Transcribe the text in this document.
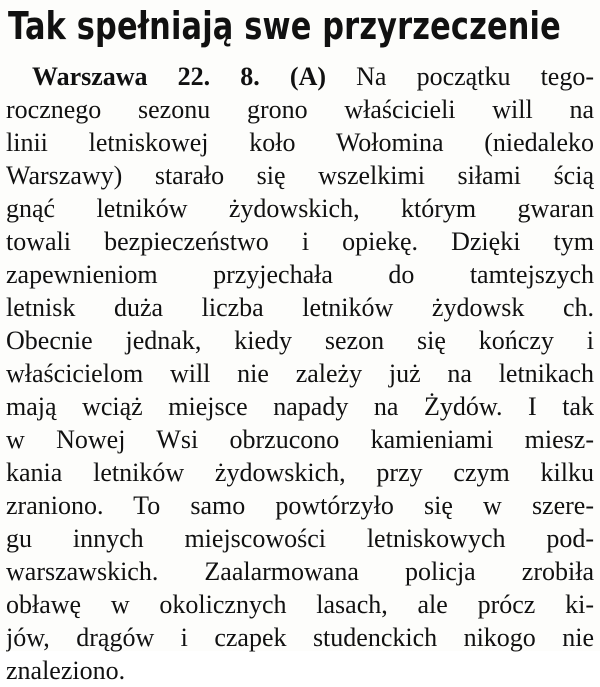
Tak spełniają swe przyrzeczenie
Warszawa 22. 8. (A) Na początku tego-
rocznego sezonu grono właścicieli will na
linii letniskowej koło Wołomina (niedaleko
Warszawy) starało się wszelkimi siłami ścią
gnąć letników żydowskich, którym gwaran
towali bezpieczeństwo i opiekę. Dzięki tym
zapewnieniom przyjechała do tamtejszych
letnisk duża liczba letników żydowsk ch.
Obecnie jednak, kiedy sezon się kończy i
właścicielom will nie zależy już na letnikach
mają wciąż miejsce napady na Żydów. I tak
w Nowej Wsi obrzucono kamieniami miesz-
kania letników żydowskich, przy czym kilku
zraniono. To samo powtórzyło się w szere-
gu innych miejscowości letniskowych pod-
warszawskich. Zaalarmowana policja zrobiła
obławę w okolicznych lasach, ale prócz ki-
jów, drągów i czapek studenckich nikogo nie
znaleziono.
